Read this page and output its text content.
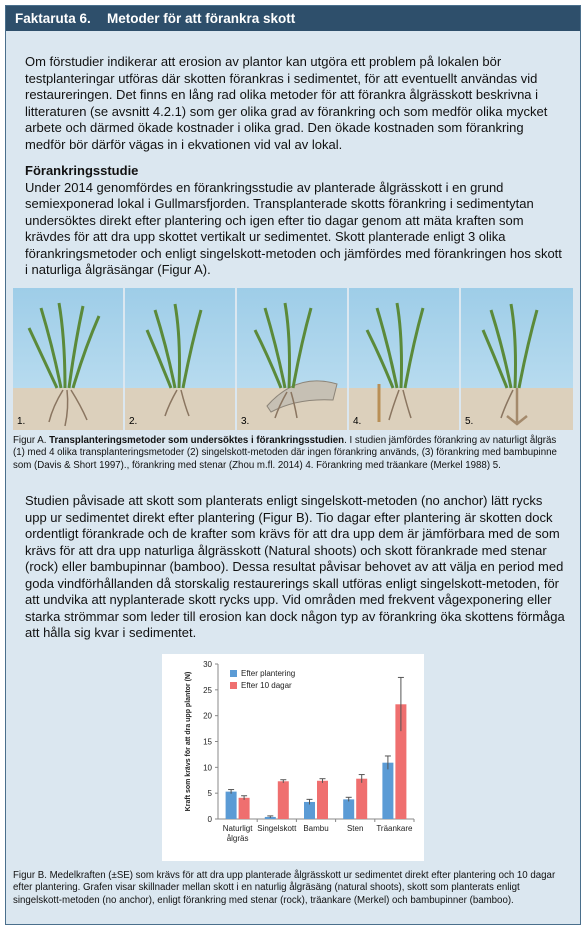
Faktaruta 6. Metoder för att förankra skott
Om förstudier indikerar att erosion av plantor kan utgöra ett problem på lokalen bör testplanteringar utföras där skotten förankras i sedimentet, för att eventuellt användas vid restaureringen. Det finns en lång rad olika metoder för att förankra ålgrässkott beskrivna i litteraturen (se avsnitt 4.2.1) som ger olika grad av förankring och som medför olika mycket arbete och därmed ökade kostnader i olika grad. Den ökade kostnaden som förankring medför bör därför vägas in i ekvationen vid val av lokal.
Förankringsstudie
Under 2014 genomfördes en förankringsstudie av planterade ålgrässkott i en grund semiexponerad lokal i Gullmarsfjorden. Transplanterade skotts förankring i sedimentytan undersöktes direkt efter plantering och igen efter tio dagar genom att mäta kraften som krävdes för att dra upp skottet vertikalt ur sedimentet. Skott planterade enligt 3 olika förankringsmetoder och enligt singelskott-metoden och jämfördes med förankringen hos skott i naturliga ålgräsängar (Figur A).
1.	2.	3.	4.	5.
Figur A. Transplanteringsmetoder som undersöktes i förankringsstudien. I studien jämfördes förankring av naturligt ålgräs (1) med 4 olika transplanteringsmetoder (2) singelskott-metoden där ingen förankring används, (3) förankring med bambupinne som (Davis & Short 1997)., förankring med stenar (Zhou m.fl. 2014) 4. Förankring med träankare (Merkel 1988) 5.
Studien påvisade att skott som planterats enligt singelskott-metoden (no anchor) lätt rycks upp ur sedimentet direkt efter plantering (Figur B). Tio dagar efter plantering är skotten dock ordentligt förankrade och de krafter som krävs för att dra upp dem är jämförbara med de som krävs för att dra upp naturliga ålgrässkott (Natural shoots) och skott förankrade med stenar (rock) eller bambupinnar (bamboo). Dessa resultat påvisar behovet av att välja en period med goda vindförhållanden då storskalig restaurerings skall utföras enligt singelskott-metoden, för att undvika att nyplanterade skott rycks upp. Vid områden med frekvent vågexponering eller starka strömmar som leder till erosion kan dock någon typ av förankring öka skottens förmåga att hålla sig kvar i sedimentet.
0
5
10
15
20
25
30
Kraft som krävs för att dra upp plantor (N)
Naturligt
ålgräs
Singelskott Bambu Sten Träankare
Efter plantering
Efter 10 dagar
Figur B. Medelkraften (±SE) som krävs för att dra upp planterade ålgrässkott ur sedimentet direkt efter plantering och 10 dagar efter plantering. Grafen visar skillnader mellan skott i en naturlig ålgräsäng (natural shoots), skott som planterats enligt singelskott-metoden (no anchor), enligt förankring med stenar (rock), träankare (Merkel) och bambupinner (bamboo).
